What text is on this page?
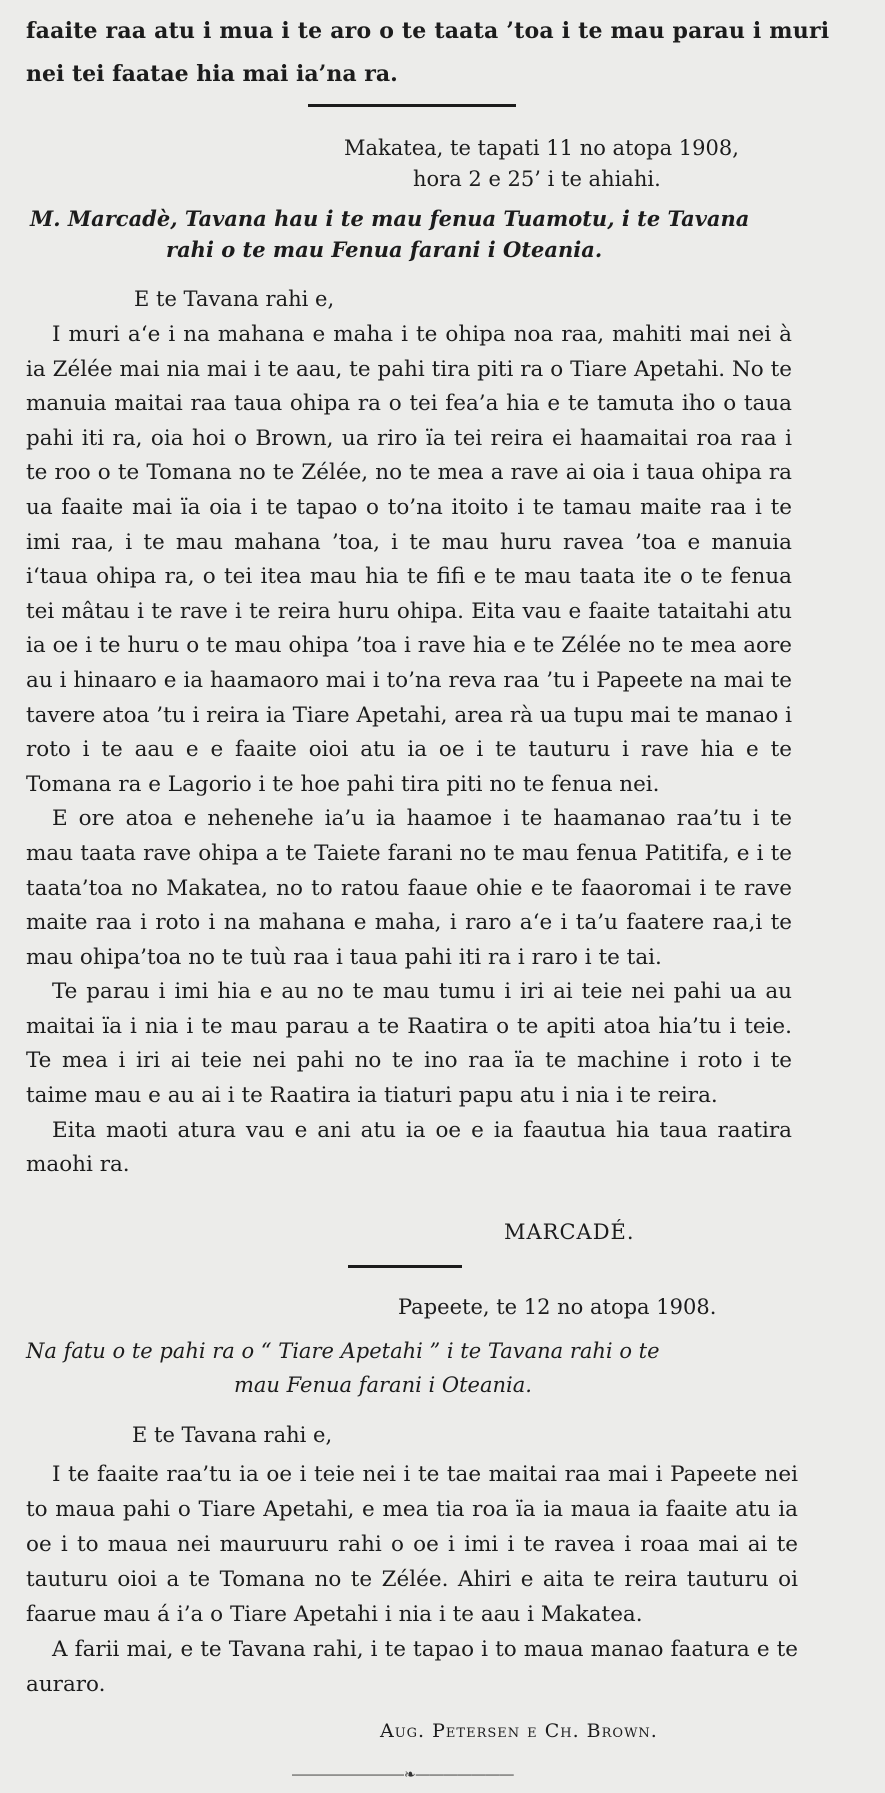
faaite raa atu i mua i te aro o te taata ’toa i te mau parau i muri
nei tei faatae hia mai ia’na ra.
Makatea, te tapati 11 no atopa 1908,
hora 2 e 25’ i te ahiahi.
M. Marcadè, Tavana hau i te mau fenua Tuamotu, i te Tavana
rahi o te mau Fenua farani i Oteania.
E te Tavana rahi e,

I muri a‘e i na mahana e maha i te ohipa noa raa, mahiti mai nei à ia Zélée mai nia mai i te aau, te pahi tira piti ra o Tiare Apetahi. No te manuia maitai raa taua ohipa ra o tei fea’a hia e te tamuta iho o taua pahi iti ra, oia hoi o Brown, ua riro ïa tei reira ei haamaitai roa raa i te roo o te Tomana no te Zélée, no te mea a rave ai oia i taua ohipa ra ua faaite mai ïa oia i te tapao o to’na itoito i te tamau maite raa i te imi raa, i te mau mahana ’toa, i te mau huru ravea ’toa e manuia i‘taua ohipa ra, o tei itea mau hia te fifi e te mau taata ite o te fenua tei mâtau i te rave i te reira huru ohipa. Eita vau e faaite tataitahi atu ia oe i te huru o te mau ohipa ’toa i rave hia e te Zélée no te mea aore au i hinaaro e ia haamaoro mai i to’na reva raa ’tu i Papeete na mai te tavere atoa ’tu i reira ia Tiare Apetahi, area rà ua tupu mai te manao i roto i te aau e e faaite oioi atu ia oe i te tauturu i rave hia e te Tomana ra e Lagorio i te hoe pahi tira piti no te fenua nei.

E ore atoa e nehenehe ia’u ia haamoe i te haamanao raa’tu i te mau taata rave ohipa a te Taiete farani no te mau fenua Patitifa, e i te taata’toa no Makatea, no to ratou faaue ohie e te faaoromai i te rave maite raa i roto i na mahana e maha, i raro a‘e i ta’u faatere raa,i te mau ohipa’toa no te tuù raa i taua pahi iti ra i raro i te tai.

Te parau i imi hia e au no te mau tumu i iri ai teie nei pahi ua au maitai ïa i nia i te mau parau a te Raatira o te apiti atoa hia’tu i teie. Te mea i iri ai teie nei pahi no te ino raa ïa te machine i roto i te taime mau e au ai i te Raatira ia tiaturi papu atu i nia i te reira.

Eita maoti atura vau e ani atu ia oe e ia faautua hia taua raatira maohi ra.

MARCADÉ.
Papeete, te 12 no atopa 1908.
Na fatu o te pahi ra o “ Tiare Apetahi ” i te Tavana rahi o te
mau Fenua farani i Oteania.
E te Tavana rahi e,

I te faaite raa’tu ia oe i teie nei i te tae maitai raa mai i Papeete nei to maua pahi o Tiare Apetahi, e mea tia roa ïa ia maua ia faaite atu ia oe i to maua nei mauruuru rahi o oe i imi i te ravea i roaa mai ai te tauturu oioi a te Tomana no te Zélée. Ahiri e aita te reira tauturu oi faarue mau á i’a o Tiare Apetahi i nia i te aau i Makatea.

A farii mai, e te Tavana rahi, i te tapao i to maua manao faatura e te auraro.

Aug. Petersen e Ch. Brown.
――――――――❧―――――――
